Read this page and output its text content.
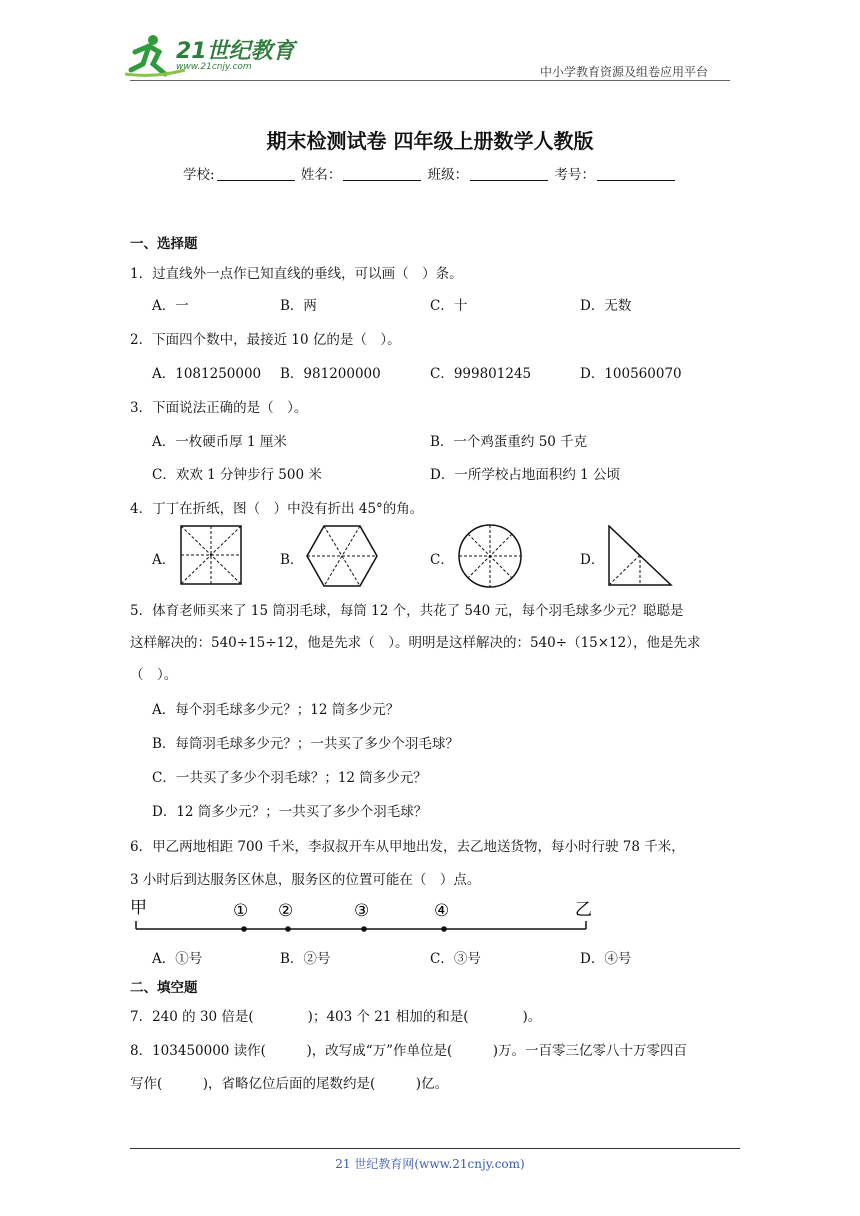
21世纪教育
www.21cnjy.com	中小学教育资源及组卷应用平台
期末检测试卷 四年级上册数学人教版
学校:	姓名：	班级：	考号：
一、选择题
1．过直线外一点作已知直线的垂线，可以画（　）条。
A．一	B．两	C．十	D．无数
2．下面四个数中，最接近 10 亿的是（　）。
A．1081250000 B．981200000	C．999801245	D．100560070
3．下面说法正确的是（　）。
A．一枚硬币厚 1 厘米	B．一个鸡蛋重约 50 千克
C．欢欢 1 分钟步行 500 米	D．一所学校占地面积约 1 公顷
4．丁丁在折纸，图（　）中没有折出 45°的角。
A．	B．	C．	D．
5．体育老师买来了 15 筒羽毛球，每筒 12 个，共花了 540 元，每个羽毛球多少元？聪聪是
这样解决的：540÷15÷12，他是先求（　）。明明是这样解决的：540÷（15×12），他是先求
（　）。
A．每个羽毛球多少元？；12 筒多少元？
B．每筒羽毛球多少元？；一共买了多少个羽毛球？
C．一共买了多少个羽毛球？；12 筒多少元？
D．12 筒多少元？；一共买了多少个羽毛球？
6．甲乙两地相距 700 千米，李叔叔开车从甲地出发，去乙地送货物，每小时行驶 78 千米，
3 小时后到达服务区休息，服务区的位置可能在（　）点。
甲	乙
① ②	③	④
A．①号	B．②号	C．③号	D．④号
二、填空题
7．240 的 30 倍是(　　　　)；403 个 21 相加的和是(　　　　)。
8．103450000 读作(　　　)，改写成“万”作单位是(　　　)万。一百零三亿零八十万零四百
写作(　　　)，省略亿位后面的尾数约是(　　　)亿。
21 世纪教育网(www.21cnjy.com)
